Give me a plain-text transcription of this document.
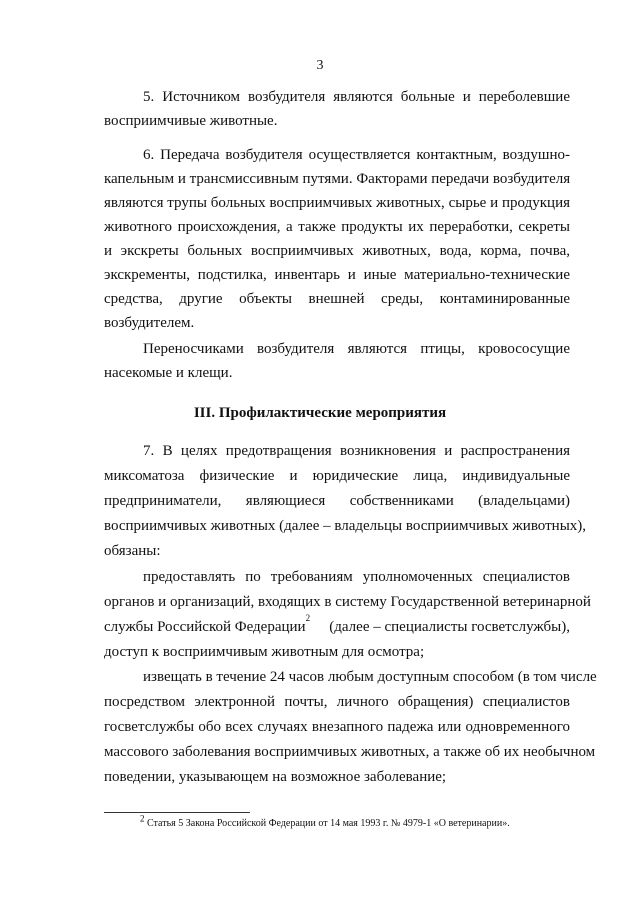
3
5. Источником возбудителя являются больные и переболевшие
восприимчивые животные.
6. Передача возбудителя осуществляется контактным, воздушно-
капельным и трансмиссивным путями. Факторами передачи возбудителя
являются трупы больных восприимчивых животных, сырье и продукция
животного происхождения, а также продукты их переработки, секреты
и экскреты больных восприимчивых животных, вода, корма, почва,
экскременты, подстилка, инвентарь и иные материально-технические
средства, другие объекты внешней среды, контаминированные
возбудителем.
Переносчиками возбудителя являются птицы, кровососущие
насекомые и клещи.
III. Профилактические мероприятия
7. В целях предотвращения возникновения и распространения
миксоматоза физические и юридические лица, индивидуальные
предприниматели, являющиеся собственниками (владельцами)
восприимчивых животных (далее – владельцы восприимчивых животных),
обязаны:
предоставлять по требованиям уполномоченных специалистов
органов и организаций, входящих в систему Государственной ветеринарной
службы Российской Федерации
2
(далее – специалисты госветслужбы),
доступ к восприимчивым животным для осмотра;
извещать в течение 24 часов любым доступным способом (в том числе
посредством электронной почты, личного обращения) специалистов
госветслужбы обо всех случаях внезапного падежа или одновременного
массового заболевания восприимчивых животных, а также об их необычном
поведении, указывающем на возможное заболевание;
$^2$ Статья 5 Закона Российской Федерации от 14 мая 1993 г. № 4979-1 «О ветеринарии».
